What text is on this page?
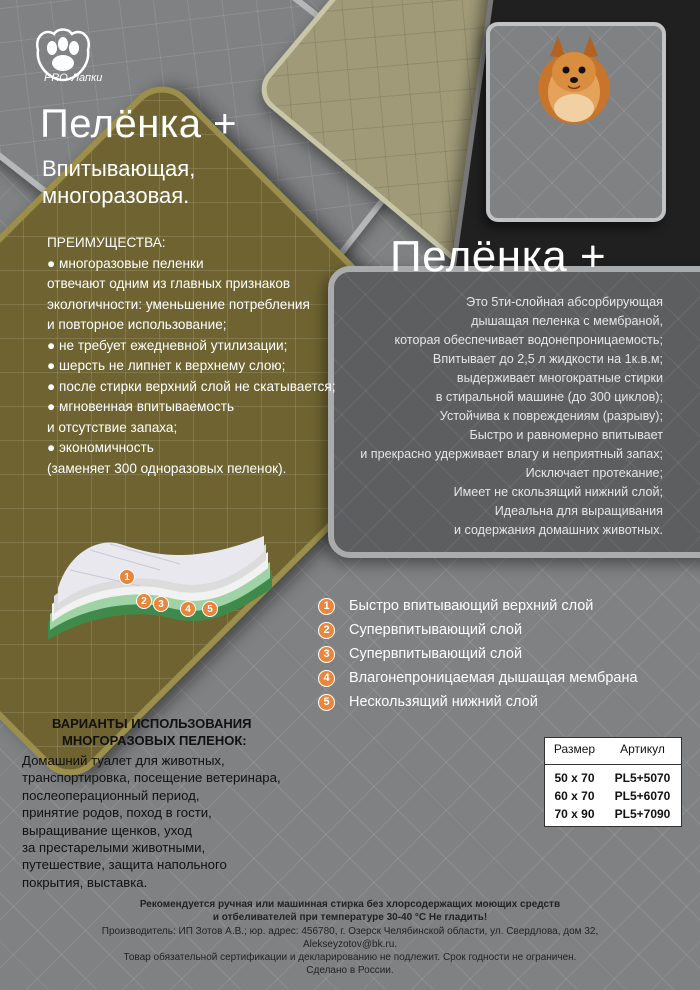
PRO-Лапки
Пелёнка +
Впитывающая,
многоразовая.
ПРЕИМУЩЕСТВА:
● многоразовые пеленки
отвечают одним из главных признаков
экологичности: уменьшение потребления
и повторное использование;
● не требует ежедневной утилизации;
● шерсть не липнет к верхнему слою;
● после стирки верхний слой не скатывается;
● мгновенная впитываемость
и отсутствие запаха;
● экономичность
(заменяет 300 одноразовых пеленок).
Пелёнка +
Это 5ти-слойная абсорбирующая
дышащая пеленка с мембраной,
которая обеспечивает водонепроницаемость;
Впитывает до 2,5 л жидкости на 1к.в.м;
выдерживает многократные стирки
в стиральной машине (до 300 циклов);
Устойчива к повреждениям (разрыву);
Быстро и равномерно впитывает
и прекрасно удерживает влагу и неприятный запах;
Исключает протекание;
Имеет не скользящий нижний слой;
Идеальна для выращивания
и содержания домашних животных.
1
2	3	4	5	1	Быстро впитывающий верхний слой
2	Супервпитывающий слой
3	Супервпитывающий слой
4	Влагонепроницаемая дышащая мембрана
5	Нескользящий нижний слой
ВАРИАНТЫ ИСПОЛЬЗОВАНИЯ
МНОГОРАЗОВЫХ ПЕЛЕНОК:
Домашний туалет для животных,
транспортировка, посещение ветеринара,
послеоперационный период,
принятие родов, поход в гости,
выращивание щенков, уход
за престарелыми животными,
путешествие, защита напольного
покрытия, выставка.
Размер	Артикул
50 х 70	PL5+5070
60 х 70	PL5+6070
70 х 90	PL5+7090
Рекомендуется ручная или машинная стирка без хлорсодержащих моющих средств
и отбеливателей при температуре 30-40 °С Не гладить!
Производитель: ИП Зотов А.В.; юр. адрес: 456780, г. Озерск Челябинской области, ул. Свердлова, дом 32,
Alekseyzotov@bk.ru.
Товар обязательной сертификации и декларированию не подлежит. Срок годности не ограничен.
Сделано в России.
